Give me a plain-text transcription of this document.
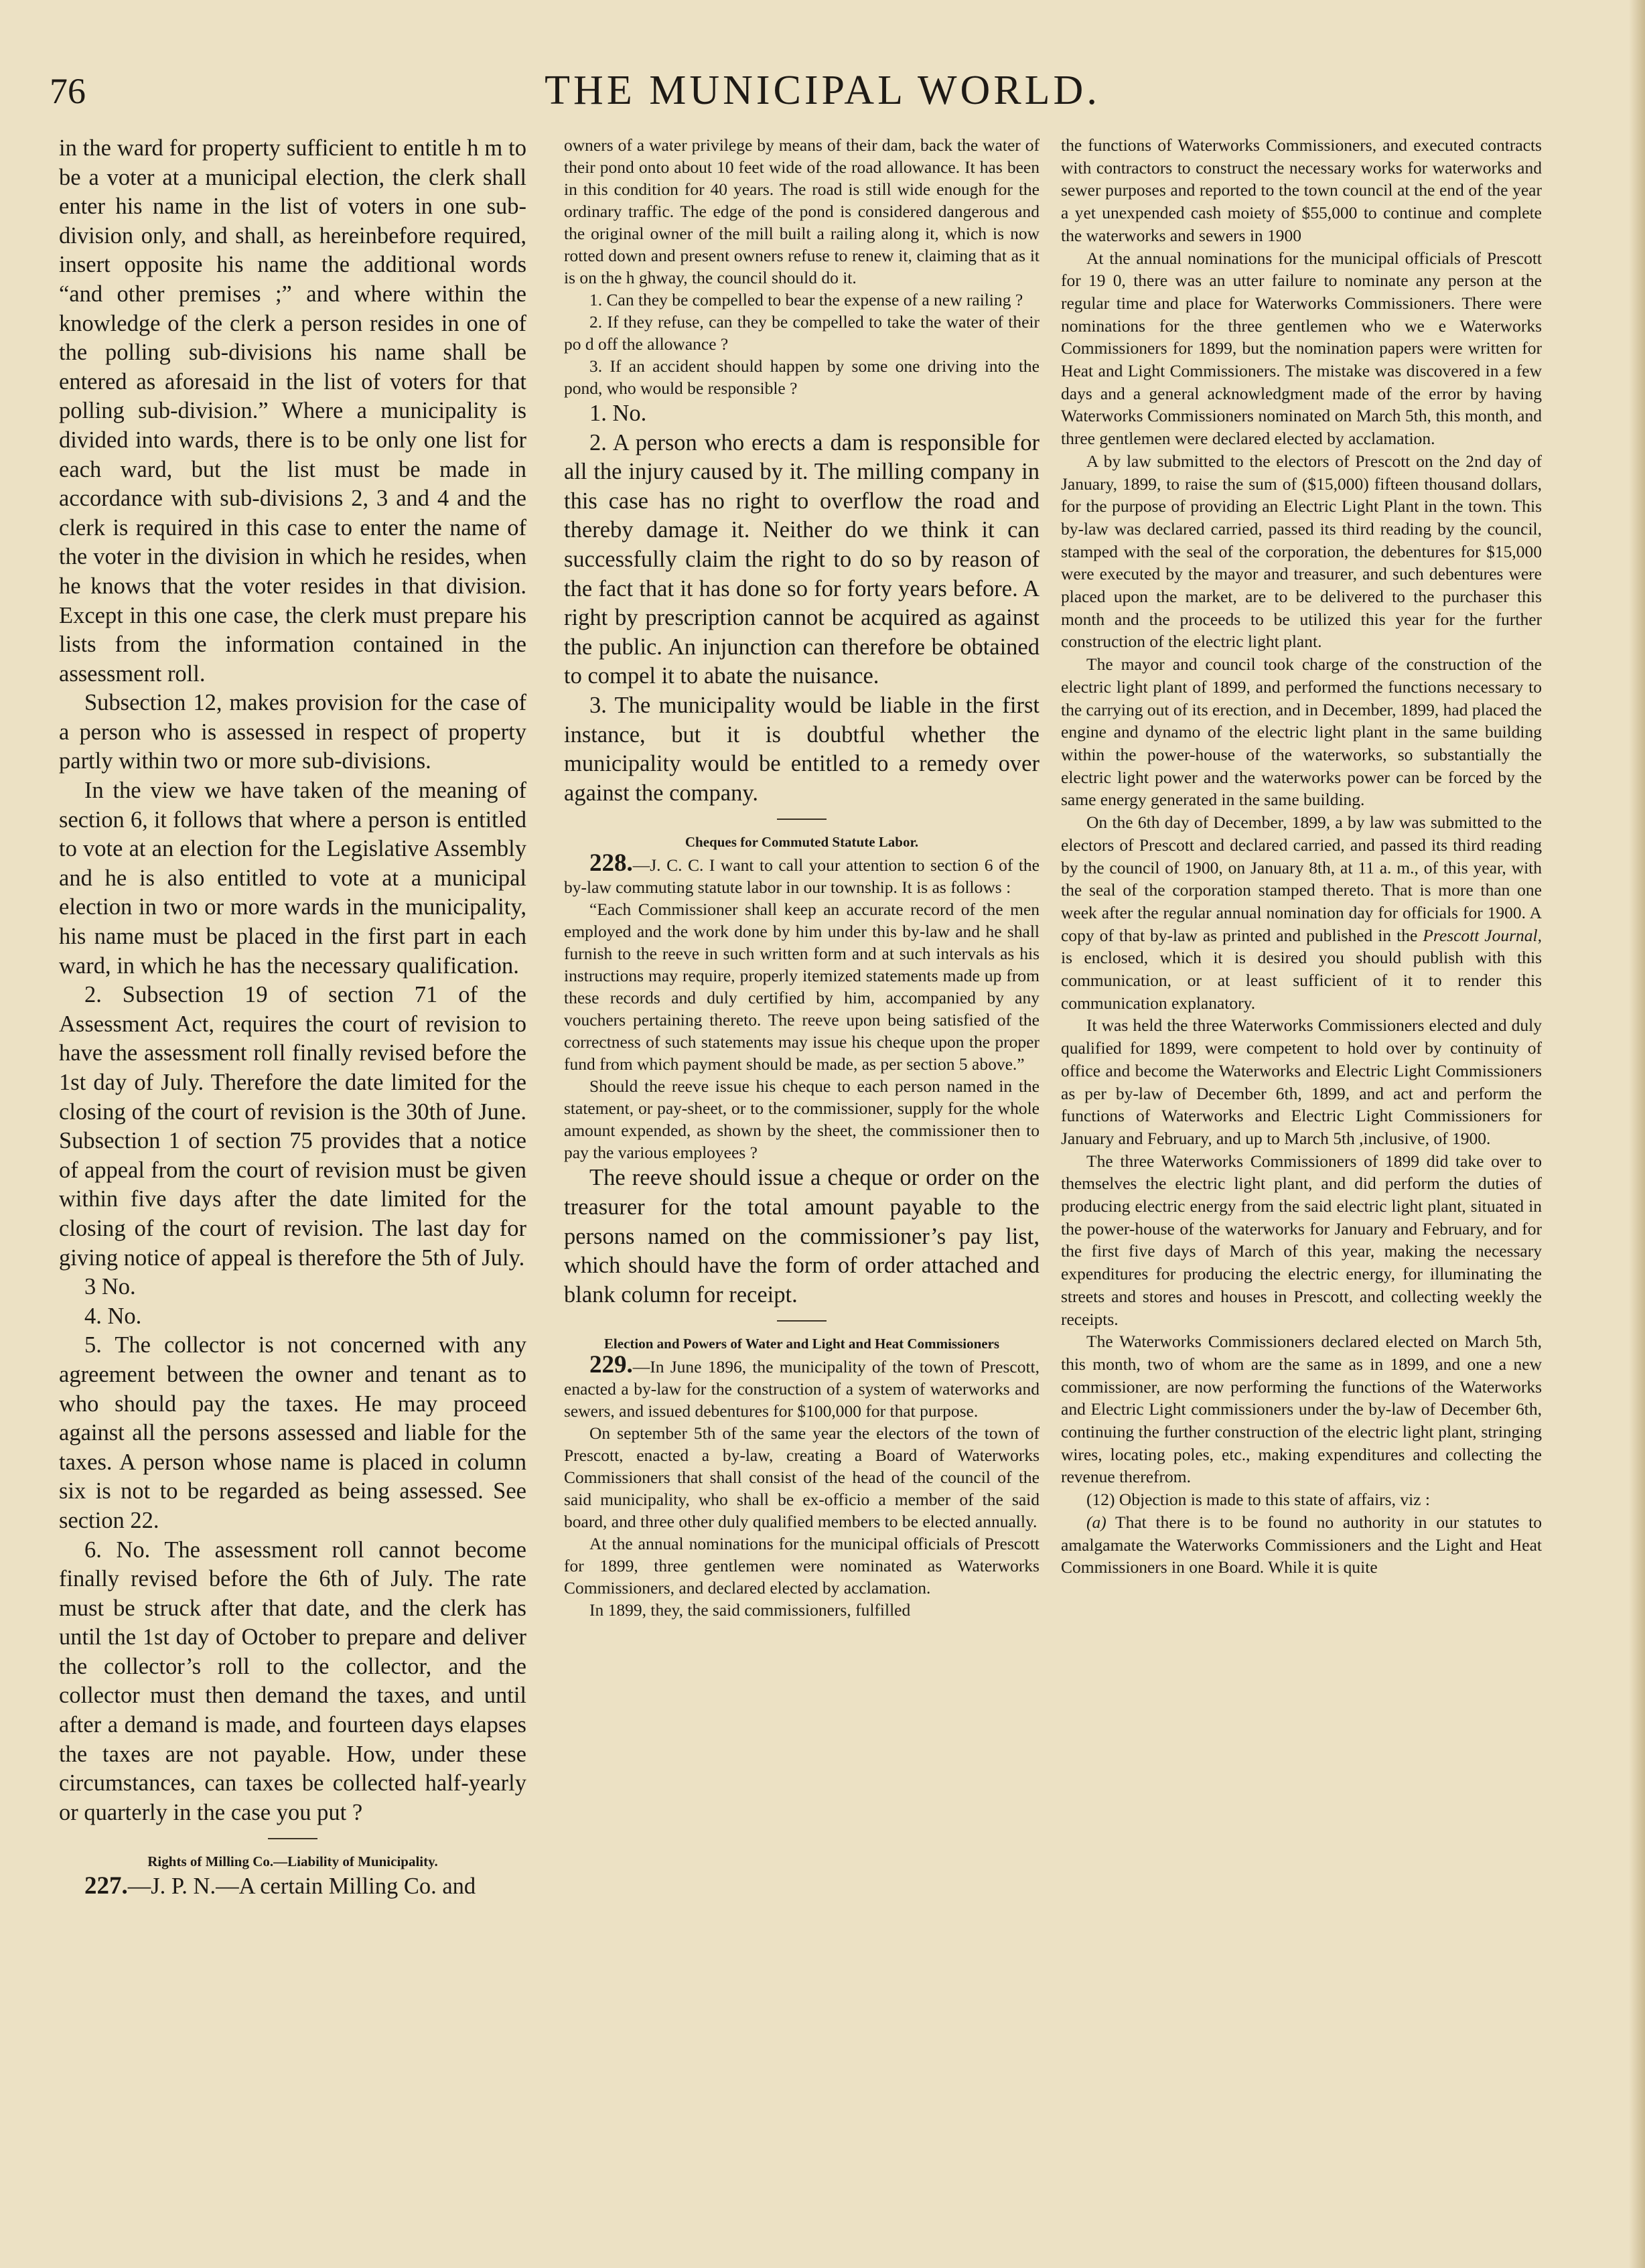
76	THE MUNICIPAL WORLD.

in the ward for property sufficient to entitle h m to be a voter at a municipal election, the clerk shall enter his name in the list of voters in one sub-division only, and shall, as hereinbefore required, insert opposite his name the additional words “and other premises ;” and where within the knowledge of the clerk a person resides in one of the polling sub-divisions his name shall be entered as aforesaid in the list of voters for that polling sub-division.” Where a municipality is divided into wards, there is to be only one list for each ward, but the list must be made in accordance with sub-divisions 2, 3 and 4 and the clerk is required in this case to enter the name of the voter in the division in which he resides, when he knows that the voter resides in that division. Except in this one case, the clerk must prepare his lists from the information contained in the assessment roll.

Subsection 12, makes provision for the case of a person who is assessed in respect of property partly within two or more sub-divisions.

In the view we have taken of the meaning of section 6, it follows that where a person is entitled to vote at an election for the Legislative Assembly and he is also entitled to vote at a municipal election in two or more wards in the municipality, his name must be placed in the first part in each ward, in which he has the necessary qualification.

2. Subsection 19 of section 71 of the Assessment Act, requires the court of revision to have the assessment roll finally revised before the 1st day of July. Therefore the date limited for the closing of the court of revision is the 30th of June. Subsection 1 of section 75 provides that a notice of appeal from the court of revision must be given within five days after the date limited for the closing of the court of revision. The last day for giving notice of appeal is therefore the 5th of July.

3 No.

4. No.

5. The collector is not concerned with any agreement between the owner and tenant as to who should pay the taxes. He may proceed against all the persons assessed and liable for the taxes. A person whose name is placed in column six is not to be regarded as being assessed. See section 22.

6. No. The assessment roll cannot become finally revised before the 6th of July. The rate must be struck after that date, and the clerk has until the 1st day of October to prepare and deliver the collector’s roll to the collector, and the collector must then demand the taxes, and until after a demand is made, and fourteen days elapses the taxes are not payable. How, under these circumstances, can taxes be collected half-yearly or quarterly in the case you put ?

Rights of Milling Co.—Liability of Municipality.

227.—J. P. N.—A certain Milling Co. and

owners of a water privilege by means of their dam, back the water of their pond onto about 10 feet wide of the road allowance. It has been in this condition for 40 years. The road is still wide enough for the ordinary traffic. The edge of the pond is considered dangerous and the original owner of the mill built a railing along it, which is now rotted down and present owners refuse to renew it, claiming that as it is on the h ghway, the council should do it.

1. Can they be compelled to bear the expense of a new railing ?

2. If they refuse, can they be compelled to take the water of their po d off the allowance ?

3. If an accident should happen by some one driving into the pond, who would be responsible ?

1. No.

2. A person who erects a dam is responsible for all the injury caused by it. The milling company in this case has no right to overflow the road and thereby damage it. Neither do we think it can successfully claim the right to do so by reason of the fact that it has done so for forty years before. A right by prescription cannot be acquired as against the public. An injunction can therefore be obtained to compel it to abate the nuisance.

3. The municipality would be liable in the first instance, but it is doubtful whether the municipality would be entitled to a remedy over against the company.

Cheques for Commuted Statute Labor.

228.—J. C. C. I want to call your attention to section 6 of the by-law commuting statute labor in our township. It is as follows :

“Each Commissioner shall keep an accurate record of the men employed and the work done by him under this by-law and he shall furnish to the reeve in such written form and at such intervals as his instructions may require, properly itemized statements made up from these records and duly certified by him, accompanied by any vouchers pertaining thereto. The reeve upon being satisfied of the correctness of such statements may issue his cheque upon the proper fund from which payment should be made, as per section 5 above.”

Should the reeve issue his cheque to each person named in the statement, or pay-sheet, or to the commissioner, supply for the whole amount expended, as shown by the sheet, the commissioner then to pay the various employees ?

The reeve should issue a cheque or order on the treasurer for the total amount payable to the persons named on the commissioner’s pay list, which should have the form of order attached and blank column for receipt.

Election and Powers of Water and Light and Heat Commissioners

229.—In June 1896, the municipality of the town of Prescott, enacted a by-law for the construction of a system of waterworks and sewers, and issued debentures for $100,000 for that purpose.

On september 5th of the same year the electors of the town of Prescott, enacted a by-law, creating a Board of Waterworks Commissioners that shall consist of the head of the council of the said municipality, who shall be ex-officio a member of the said board, and three other duly qualified members to be elected annually.

At the annual nominations for the municipal officials of Prescott for 1899, three gentlemen were nominated as Waterworks Commissioners, and declared elected by acclamation.

In 1899, they, the said commissioners, fulfilled

the functions of Waterworks Commissioners, and executed contracts with contractors to construct the necessary works for waterworks and sewer purposes and reported to the town council at the end of the year a yet unexpended cash moiety of $55,000 to continue and complete the waterworks and sewers in 1900

At the annual nominations for the municipal officials of Prescott for 19 0, there was an utter failure to nominate any person at the regular time and place for Waterworks Commissioners. There were nominations for the three gentlemen who we e Waterworks Commissioners for 1899, but the nomination papers were written for Heat and Light Commissioners. The mistake was discovered in a few days and a general acknowledgment made of the error by having Waterworks Commissioners nominated on March 5th, this month, and three gentlemen were declared elected by acclamation.

A by law submitted to the electors of Prescott on the 2nd day of January, 1899, to raise the sum of ($15,000) fifteen thousand dollars, for the purpose of providing an Electric Light Plant in the town. This by-law was declared carried, passed its third reading by the council, stamped with the seal of the corporation, the debentures for $15,000 were executed by the mayor and treasurer, and such debentures were placed upon the market, are to be delivered to the purchaser this month and the proceeds to be utilized this year for the further construction of the electric light plant.

The mayor and council took charge of the construction of the electric light plant of 1899, and performed the functions necessary to the carrying out of its erection, and in December, 1899, had placed the engine and dynamo of the electric light plant in the same building within the power-house of the waterworks, so substantially the electric light power and the waterworks power can be forced by the same energy generated in the same building.

On the 6th day of December, 1899, a by law was submitted to the electors of Prescott and declared carried, and passed its third reading by the council of 1900, on January 8th, at 11 a. m., of this year, with the seal of the corporation stamped thereto. That is more than one week after the regular annual nomination day for officials for 1900. A copy of that by-law as printed and published in the Prescott Journal, is enclosed, which it is desired you should publish with this communication, or at least sufficient of it to render this communication explanatory.

It was held the three Waterworks Commissioners elected and duly qualified for 1899, were competent to hold over by continuity of office and become the Waterworks and Electric Light Commissioners as per by-law of December 6th, 1899, and act and perform the functions of Waterworks and Electric Light Commissioners for January and February, and up to March 5th ,inclusive, of 1900.

The three Waterworks Commissioners of 1899 did take over to themselves the electric light plant, and did perform the duties of producing electric energy from the said electric light plant, situated in the power-house of the waterworks for January and February, and for the first five days of March of this year, making the necessary expenditures for producing the electric energy, for illuminating the streets and stores and houses in Prescott, and collecting weekly the receipts.

The Waterworks Commissioners declared elected on March 5th, this month, two of whom are the same as in 1899, and one a new commissioner, are now performing the functions of the Waterworks and Electric Light commissioners under the by-law of December 6th, continuing the further construction of the electric light plant, stringing wires, locating poles, etc., making expenditures and collecting the revenue therefrom.

(12) Objection is made to this state of affairs, viz :

(a) That there is to be found no authority in our statutes to amalgamate the Waterworks Commissioners and the Light and Heat Commissioners in one Board. While it is quite
